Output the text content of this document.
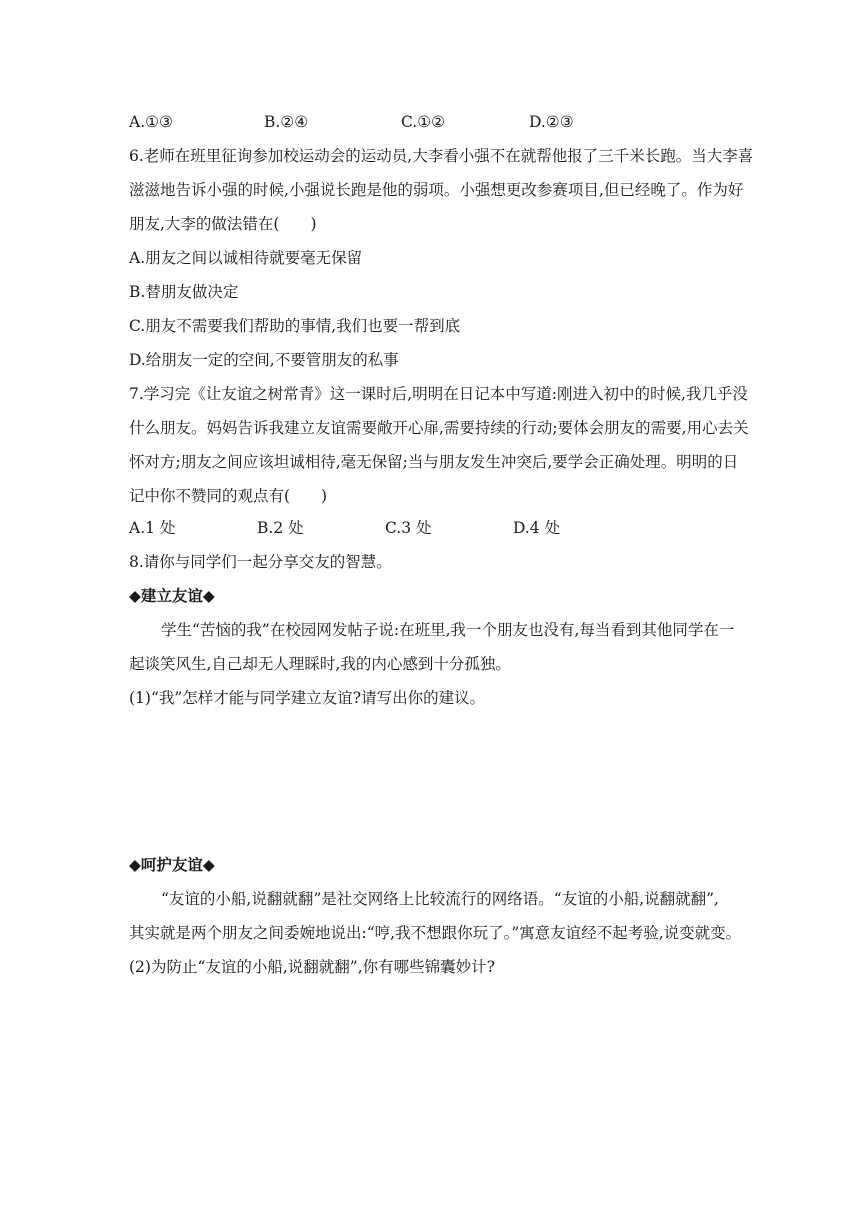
A.①③	B.②④	C.①②	D.②③
6.老师在班里征询参加校运动会的运动员,大李看小强不在就帮他报了三千米长跑。当大李喜
滋滋地告诉小强的时候,小强说长跑是他的弱项。小强想更改参赛项目,但已经晚了。作为好
朋友,大李的做法错在(　　)
A.朋友之间以诚相待就要毫无保留
B.替朋友做决定
C.朋友不需要我们帮助的事情,我们也要一帮到底
D.给朋友一定的空间,不要管朋友的私事
7.学习完《让友谊之树常青》这一课时后,明明在日记本中写道:刚进入初中的时候,我几乎没
什么朋友。妈妈告诉我建立友谊需要敞开心扉,需要持续的行动;要体会朋友的需要,用心去关
怀对方;朋友之间应该坦诚相待,毫无保留;当与朋友发生冲突后,要学会正确处理。明明的日
记中你不赞同的观点有(　　)
A.1 处	B.2 处	C.3 处	D.4 处
8.请你与同学们一起分享交友的智慧。
◆建立友谊◆
学生“苦恼的我”在校园网发帖子说:在班里,我一个朋友也没有,每当看到其他同学在一
起谈笑风生,自己却无人理睬时,我的内心感到十分孤独。
(1)“我”怎样才能与同学建立友谊?请写出你的建议。
◆呵护友谊◆
“友谊的小船,说翻就翻”是社交网络上比较流行的网络语。“友谊的小船,说翻就翻”,
其实就是两个朋友之间委婉地说出:“哼,我不想跟你玩了。”寓意友谊经不起考验,说变就变。
(2)为防止“友谊的小船,说翻就翻”,你有哪些锦囊妙计?
